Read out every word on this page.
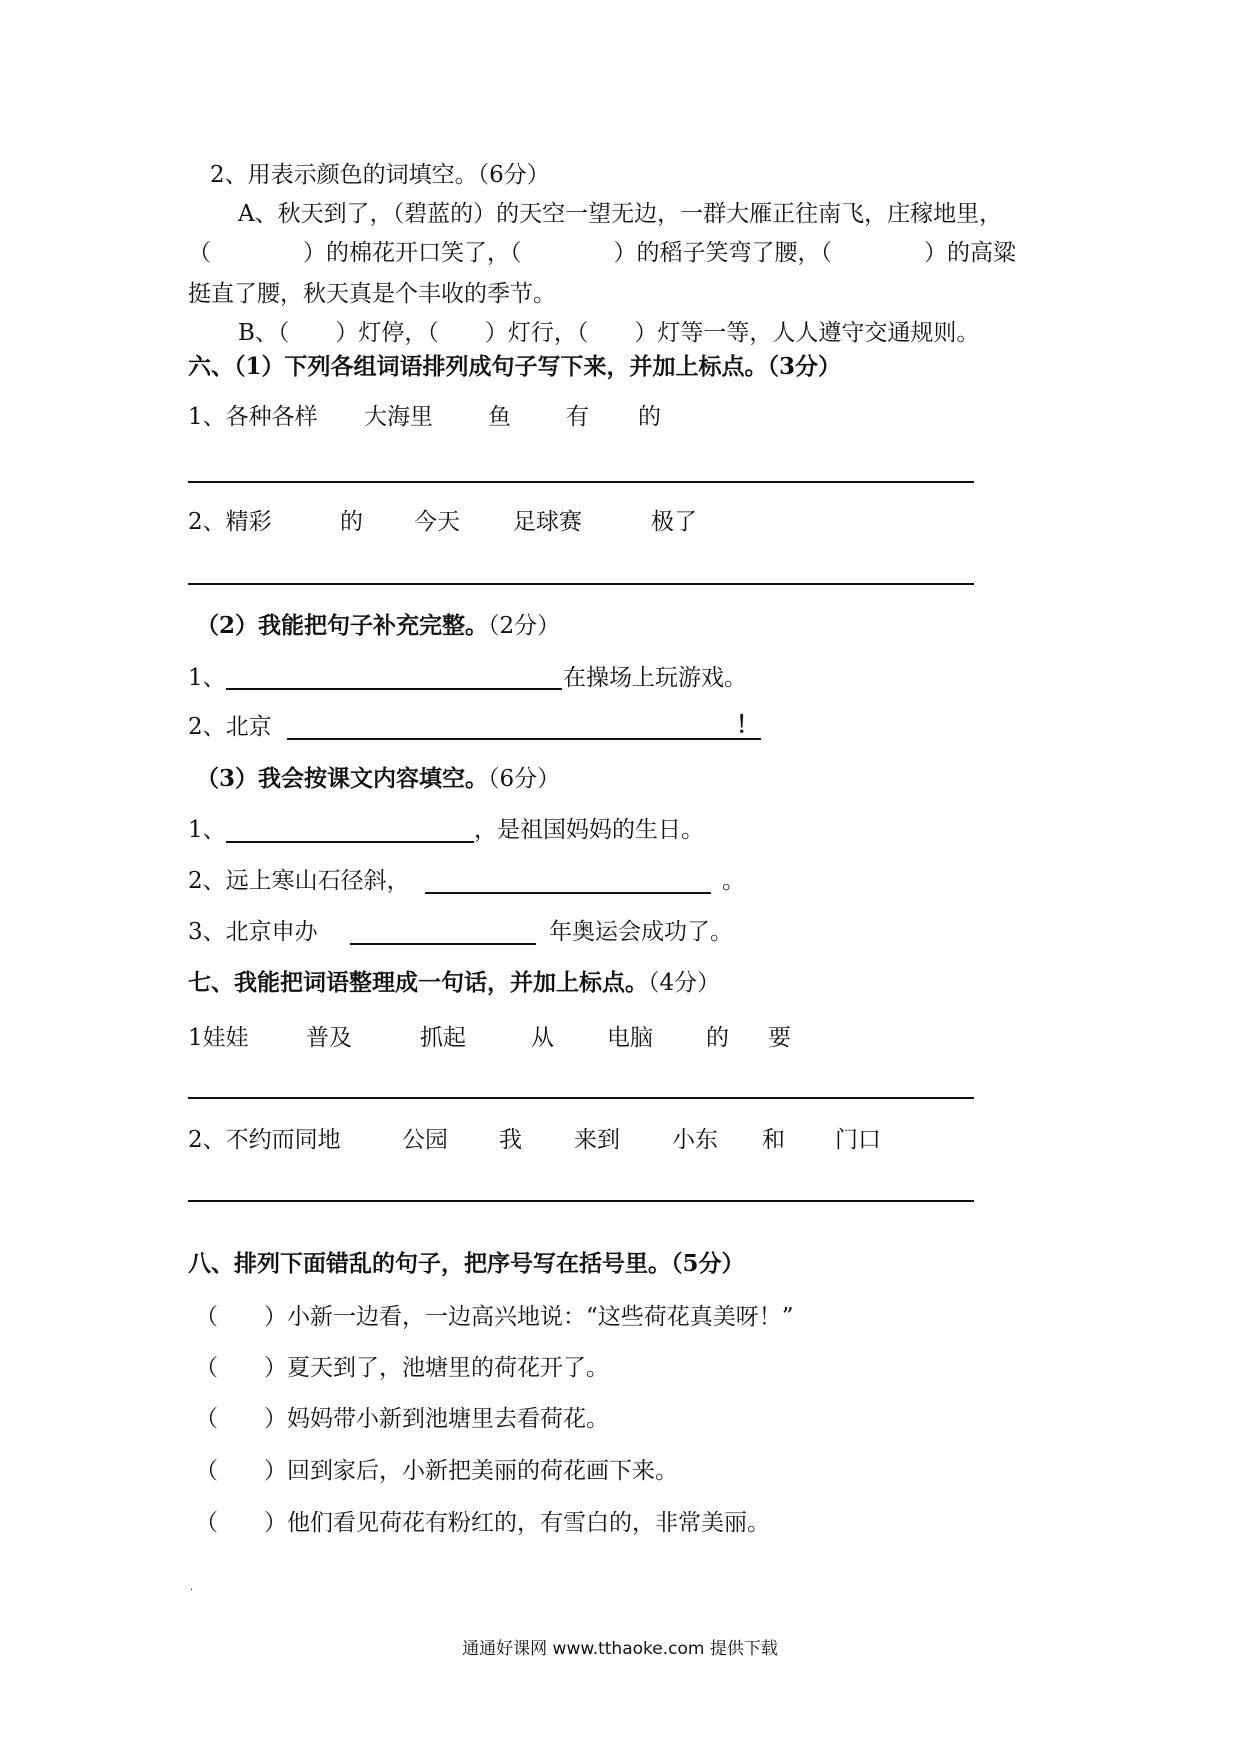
2、用表示颜色的词填空。（6分）
A、秋天到了，（碧蓝的）的天空一望无边，一群大雁正往南飞，庄稼地里，
（　　　　）的棉花开口笑了，（　　　　）的稻子笑弯了腰，（　　　　）的高粱
挺直了腰，秋天真是个丰收的季节。
B、（　　）灯停，（　　）灯行，（　　）灯等一等，人人遵守交通规则。
六、（1）下列各组词语排列成句子写下来，并加上标点。（3分）
1、各种各样 大海里 鱼 有 的
2、精彩	的 今天 足球赛	极了
（2）我能把句子补充完整。（2分）
1、	在操场上玩游戏。
2、北京	！
（3）我会按课文内容填空。（6分）
1、	，是祖国妈妈的生日。
2、远上寒山石径斜，	。
3、北京申办	年奥运会成功了。
七、我能把词语整理成一句话，并加上标点。（4分）
1娃娃 普及	抓起	从 电脑 的 要
2、不约而同地	公园 我 来到 小东 和 门口
八、排列下面错乱的句子，把序号写在括号里。（5分）
（　　）小新一边看，一边高兴地说：“这些荷花真美呀！”
（　　）夏天到了，池塘里的荷花开了。
（　　）妈妈带小新到池塘里去看荷花。
（　　）回到家后，小新把美丽的荷花画下来。
（　　）他们看见荷花有粉红的，有雪白的，非常美丽。
·
通通好课网 www.tthaoke.com 提供下载
